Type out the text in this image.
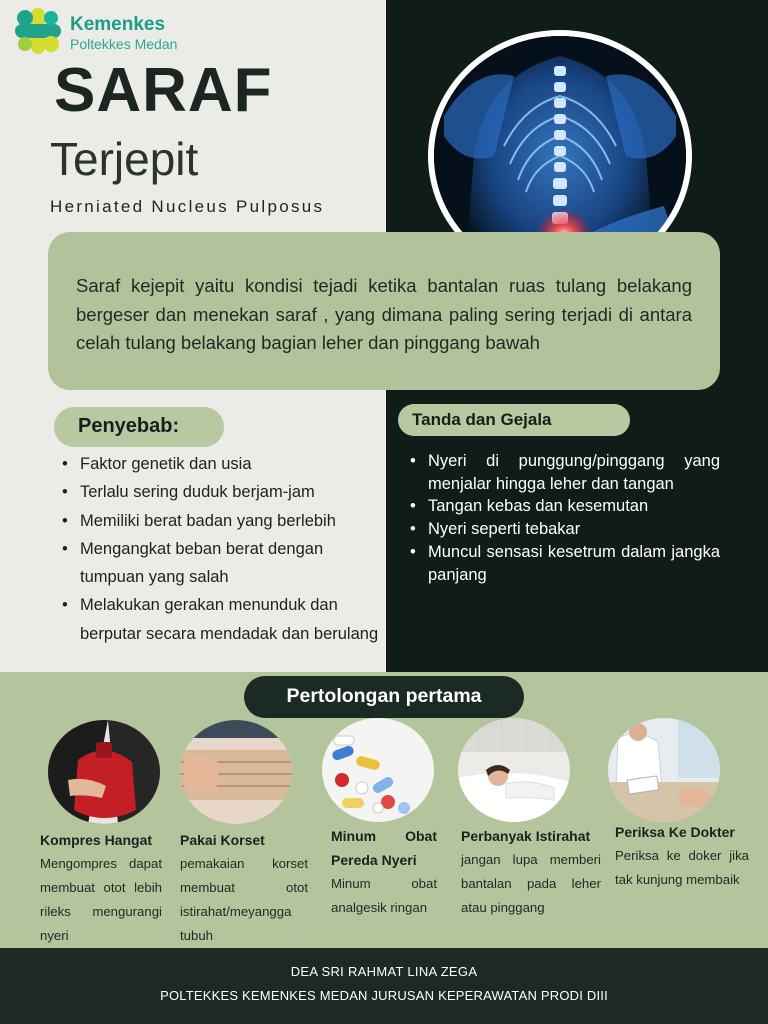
Kemenkes
Poltekkes Medan
SARAF
Terjepit
Herniated Nucleus Pulposus
Saraf kejepit yaitu kondisi tejadi ketika bantalan ruas tulang belakang bergeser dan menekan saraf , yang dimana paling sering terjadi di antara celah tulang belakang bagian leher dan pinggang bawah
Penyebab:
• Faktor genetik dan usia
• Terlalu sering duduk berjam-jam
• Memiliki berat badan yang berlebih
• Mengangkat beban berat dengan tumpuan yang salah
• Melakukan gerakan menunduk dan berputar secara mendadak dan berulang
Tanda dan Gejala
• Nyeri di punggung/pinggang yang menjalar hingga leher dan tangan
• Tangan kebas dan kesemutan
• Nyeri seperti tebakar
• Muncul sensasi kesetrum dalam jangka panjang
Pertolongan pertama
Kompres Hangat
Mengompres dapat membuat otot lebih rileks mengurangi nyeri
Pakai Korset
pemakaian korset membuat otot istirahat/meyangga tubuh
Minum Obat Pereda Nyeri
Minum obat analgesik ringan
Perbanyak Istirahat
jangan lupa memberi bantalan pada leher atau pinggang
Periksa Ke Dokter
Periksa ke doker jika tak kunjung membaik
DEA SRI RAHMAT LINA ZEGA
POLTEKKES KEMENKES MEDAN JURUSAN KEPERAWATAN PRODI DIII
